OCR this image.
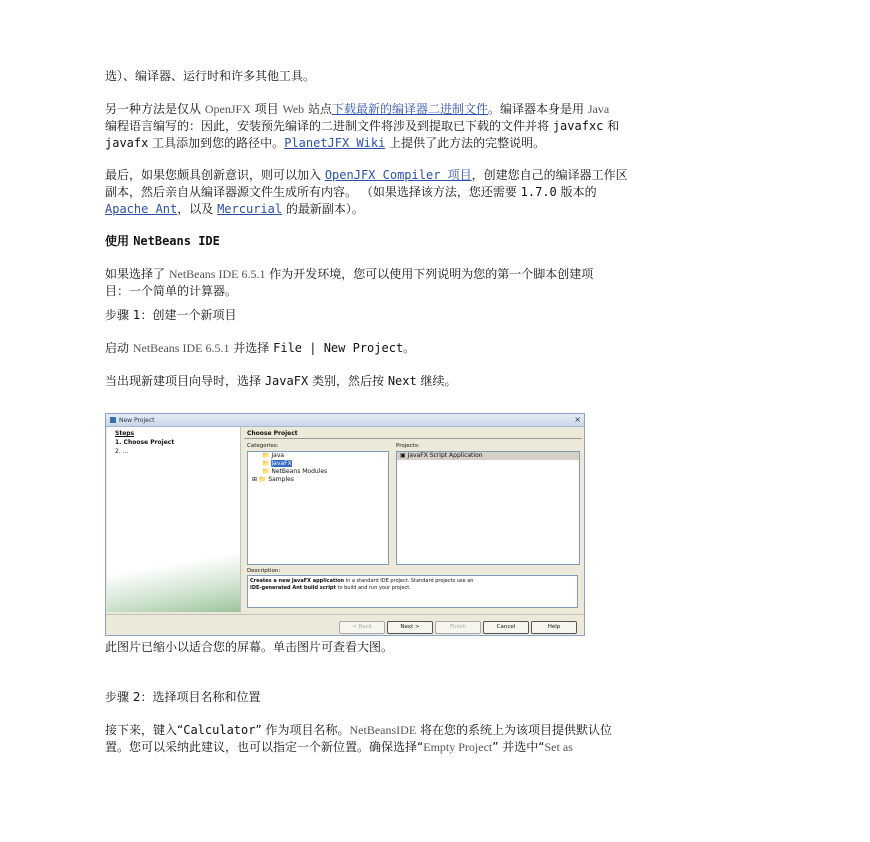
选）、编译器、运行时和许多其他工具。

另一种方法是仅从 OpenJFX 项目 Web 站点下载最新的编译器二进制文件。编译器本身是用 Java
编程语言编写的：因此，安装预先编译的二进制文件将涉及到提取已下载的文件并将 javafxc 和
javafx 工具添加到您的路径中。PlanetJFX Wiki 上提供了此方法的完整说明。

最后，如果您颇具创新意识，则可以加入 OpenJFX Compiler 项目，创建您自己的编译器工作区
副本，然后亲自从编译器源文件生成所有内容。 （如果选择该方法，您还需要 1.7.0 版本的
Apache Ant，以及 Mercurial 的最新副本）。

使用 NetBeans IDE

如果选择了 NetBeans IDE 6.5.1 作为开发环境，您可以使用下列说明为您的第一个脚本创建项
目：一个简单的计算器。

步骤 1：创建一个新项目

启动 NetBeans IDE 6.5.1 并选择 File | New Project。

当出现新建项目向导时，选择 JavaFX 类别，然后按 Next 继续。

步骤 2：选择项目名称和位置

接下来，键入“Calculator” 作为项目名称。NetBeansIDE 将在您的系统上为该项目提供默认位
置。您可以采纳此建议，也可以指定一个新位置。确保选择“Empty Project” 并选中“Set as

New Project	×
Steps
1. Choose Project
2. ...
Choose Project
Categories:	Projects:
📁 Java
📁 JavaFX
📁 NetBeans Modules
⊞ 📁 Samples
▣ JavaFX Script Application
Description:
Creates a new JavaFX application in a standard IDE project. Standard projects use an
IDE-generated Ant build script to build and run your project.
< Back	Next >	Finish	Cancel	Help
此图片已缩小以适合您的屏幕。单击图片可查看大图。
